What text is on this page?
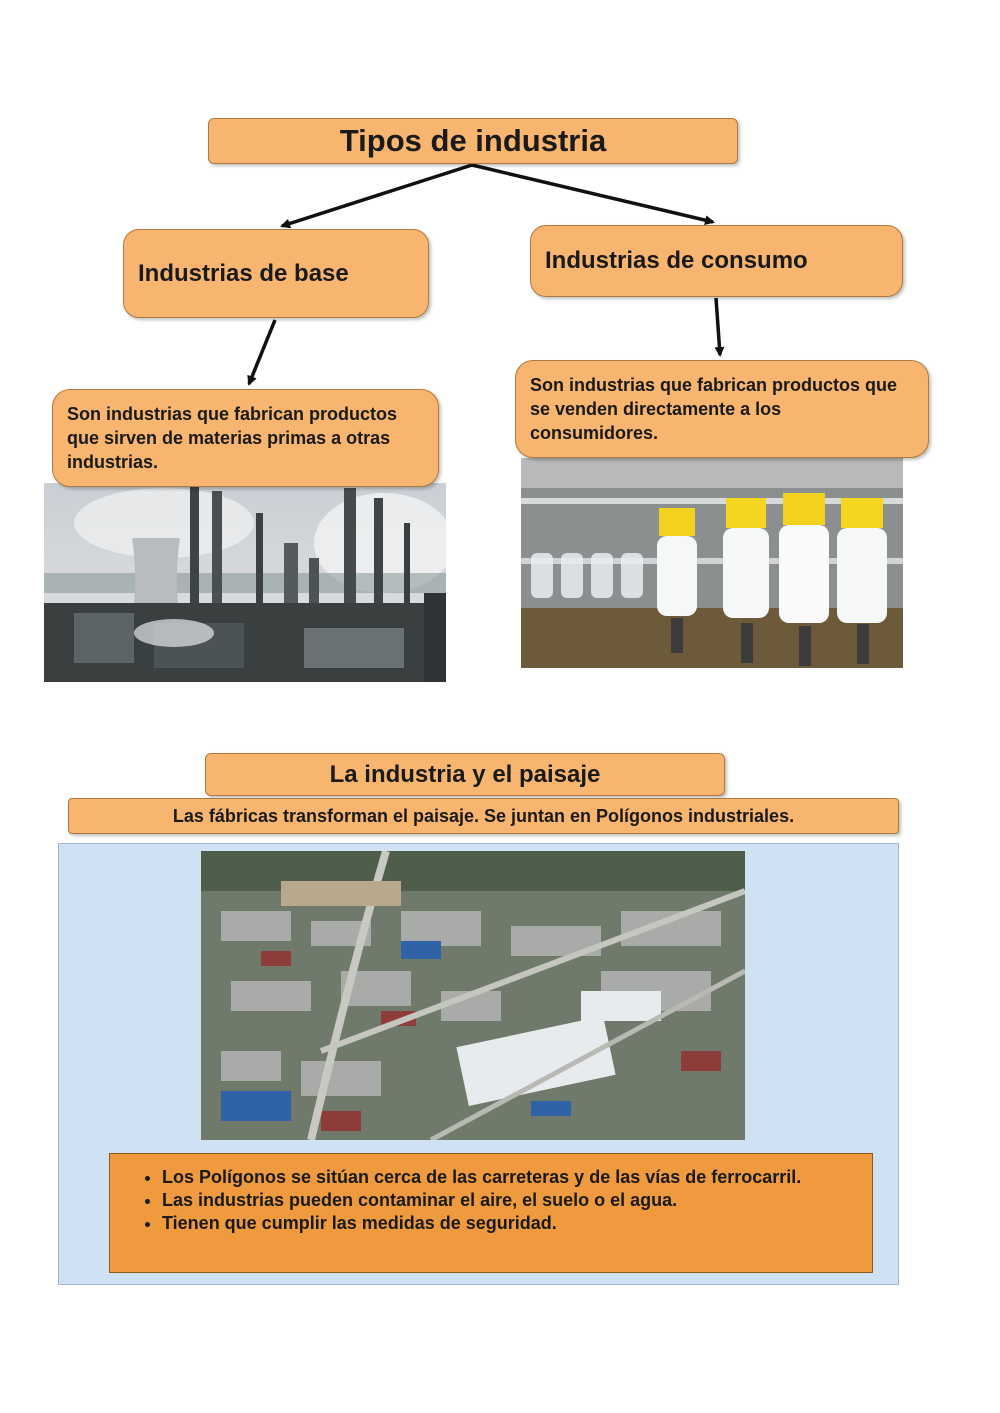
Tipos de industria
Industrias de base	Industrias de consumo
Son industrias que fabrican productos que sirven de materias primas a otras industrias.
Son industrias que fabrican productos que se venden directamente a los consumidores.
La industria y el paisaje
Las fábricas transforman el paisaje. Se juntan en Polígonos industriales.
• Los Polígonos se sitúan cerca de las carreteras y de las vías de ferrocarril.
• Las industrias pueden contaminar el aire, el suelo o el agua.
• Tienen que cumplir las medidas de seguridad.
